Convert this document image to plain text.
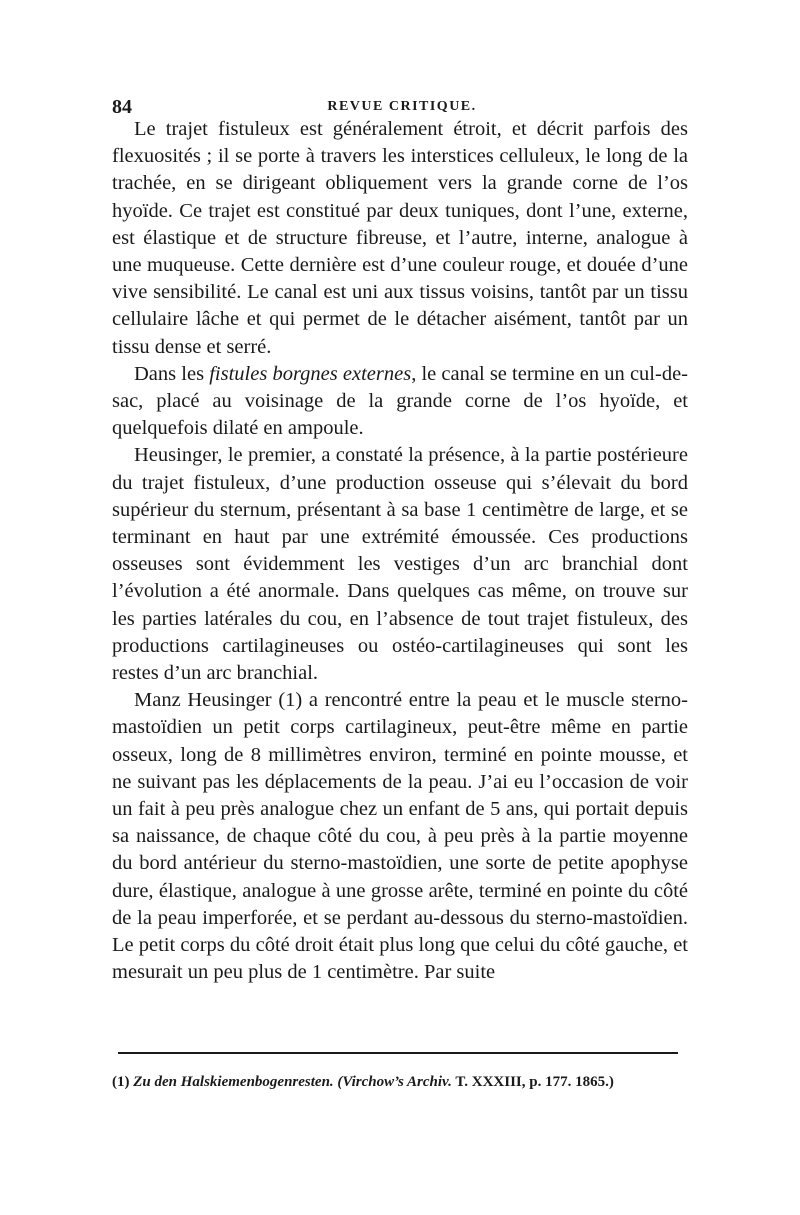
84	REVUE CRITIQUE.

Le trajet fistuleux est généralement étroit, et décrit parfois des flexuosités ; il se porte à travers les interstices celluleux, le long de la trachée, en se dirigeant obliquement vers la grande corne de l’os hyoïde. Ce trajet est constitué par deux tuniques, dont l’une, externe, est élastique et de structure fibreuse, et l’autre, interne, analogue à une muqueuse. Cette dernière est d’une couleur rouge, et douée d’une vive sensibilité. Le canal est uni aux tissus voisins, tantôt par un tissu cellulaire lâche et qui permet de le détacher aisément, tantôt par un tissu dense et serré.

Dans les fistules borgnes externes, le canal se termine en un cul-de-sac, placé au voisinage de la grande corne de l’os hyoïde, et quelquefois dilaté en ampoule.

Heusinger, le premier, a constaté la présence, à la partie postérieure du trajet fistuleux, d’une production osseuse qui s’élevait du bord supérieur du sternum, présentant à sa base 1 centimètre de large, et se terminant en haut par une extrémité émoussée. Ces productions osseuses sont évidemment les vestiges d’un arc branchial dont l’évolution a été anormale. Dans quelques cas même, on trouve sur les parties latérales du cou, en l’absence de tout trajet fistuleux, des productions cartilagineuses ou ostéo-cartilagineuses qui sont les restes d’un arc branchial.

Manz Heusinger (1) a rencontré entre la peau et le muscle sterno-mastoïdien un petit corps cartilagineux, peut-être même en partie osseux, long de 8 millimètres environ, terminé en pointe mousse, et ne suivant pas les déplacements de la peau. J’ai eu l’occasion de voir un fait à peu près analogue chez un enfant de 5 ans, qui portait depuis sa naissance, de chaque côté du cou, à peu près à la partie moyenne du bord antérieur du sterno-mastoïdien, une sorte de petite apophyse dure, élastique, analogue à une grosse arête, terminé en pointe du côté de la peau imperforée, et se perdant au-dessous du sterno-mastoïdien. Le petit corps du côté droit était plus long que celui du côté gauche, et mesurait un peu plus de 1 centimètre. Par suite

(1) Zu den Halskiemenbogenresten. (Virchow’s Archiv. T. XXXIII, p. 177. 1865.)
